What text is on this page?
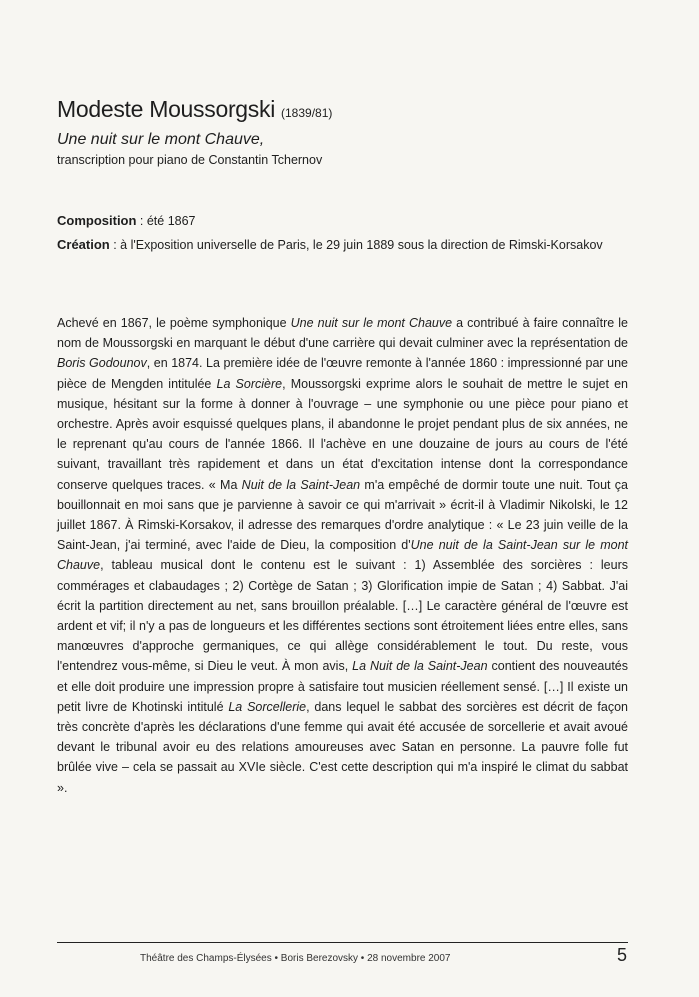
Modeste Moussorgski (1839/81)
Une nuit sur le mont Chauve,
transcription pour piano de Constantin Tchernov

Composition : été 1867

Création : à l'Exposition universelle de Paris, le 29 juin 1889 sous la direction de Rimski-Korsakov

Achevé en 1867, le poème symphonique Une nuit sur le mont Chauve a contribué à faire connaître le nom de Moussorgski en marquant le début d'une carrière qui devait culminer avec la représentation de Boris Godounov, en 1874. La première idée de l'œuvre remonte à l'année 1860 : impressionné par une pièce de Mengden intitulée La Sorcière, Moussorgski exprime alors le souhait de mettre le sujet en musique, hésitant sur la forme à donner à l'ouvrage – une symphonie ou une pièce pour piano et orchestre. Après avoir esquissé quelques plans, il abandonne le projet pendant plus de six années, ne le reprenant qu'au cours de l'année 1866. Il l'achève en une douzaine de jours au cours de l'été suivant, travaillant très rapidement et dans un état d'excitation intense dont la correspondance conserve quelques traces. « Ma Nuit de la Saint-Jean m'a empêché de dormir toute une nuit. Tout ça bouillonnait en moi sans que je parvienne à savoir ce qui m'arrivait » écrit-il à Vladimir Nikolski, le 12 juillet 1867. À Rimski-Korsakov, il adresse des remarques d'ordre analytique : « Le 23 juin veille de la Saint-Jean, j'ai terminé, avec l'aide de Dieu, la composition d'Une nuit de la Saint-Jean sur le mont Chauve, tableau musical dont le contenu est le suivant : 1) Assemblée des sorcières : leurs commérages et clabaudages ; 2) Cortège de Satan ; 3) Glorification impie de Satan ; 4) Sabbat. J'ai écrit la partition directement au net, sans brouillon préalable. […] Le caractère général de l'œuvre est ardent et vif; il n'y a pas de longueurs et les différentes sections sont étroitement liées entre elles, sans manœuvres d'approche germaniques, ce qui allège considérablement le tout. Du reste, vous l'entendrez vous-même, si Dieu le veut. À mon avis, La Nuit de la Saint-Jean contient des nouveautés et elle doit produire une impression propre à satisfaire tout musicien réellement sensé. […] Il existe un petit livre de Khotinski intitulé La Sorcellerie, dans lequel le sabbat des sorcières est décrit de façon très concrète d'après les déclarations d'une femme qui avait été accusée de sorcellerie et avait avoué devant le tribunal avoir eu des relations amoureuses avec Satan en personne. La pauvre folle fut brûlée vive – cela se passait au XVIe siècle. C'est cette description qui m'a inspiré le climat du sabbat ».
Théâtre des Champs-Élysées • Boris Berezovsky • 28 novembre 2007	5
